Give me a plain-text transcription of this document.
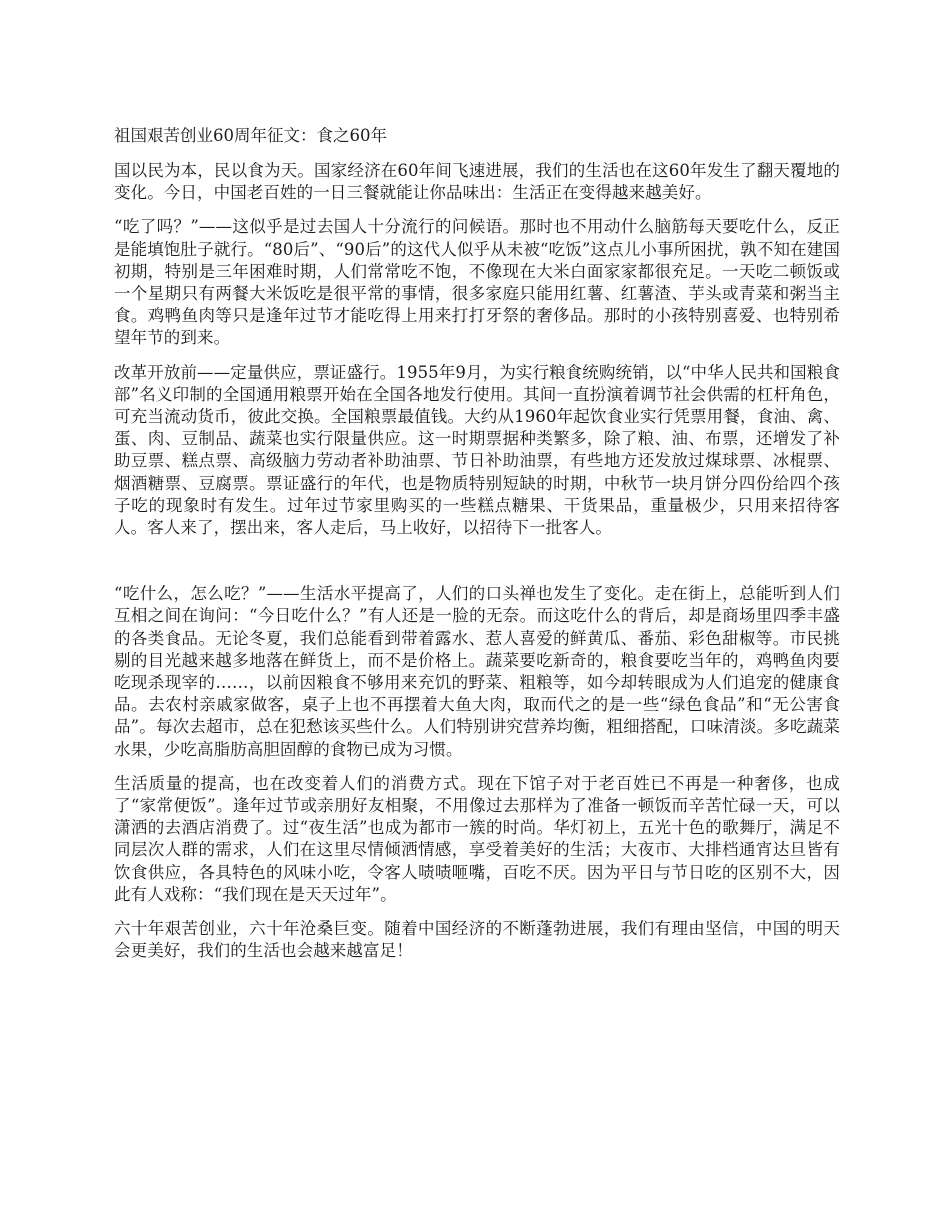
祖国艰苦创业60周年征文：食之60年

国以民为本，民以食为天。国家经济在60年间飞速进展，我们的生活也在这60年发生了翻天覆地的变化。今日，中国老百姓的一日三餐就能让你品味出：生活正在变得越来越美好。

“吃了吗？”——这似乎是过去国人十分流行的问候语。那时也不用动什么脑筋每天要吃什么，反正是能填饱肚子就行。“80后”、“90后”的这代人似乎从未被“吃饭”这点儿小事所困扰，孰不知在建国初期，特别是三年困难时期，人们常常吃不饱，不像现在大米白面家家都很充足。一天吃二顿饭或一个星期只有两餐大米饭吃是很平常的事情，很多家庭只能用红薯、红薯渣、芋头或青菜和粥当主食。鸡鸭鱼肉等只是逢年过节才能吃得上用来打打牙祭的奢侈品。那时的小孩特别喜爱、也特别希望年节的到来。

改革开放前——定量供应，票证盛行。1955年9月，为实行粮食统购统销，以“中华人民共和国粮食部”名义印制的全国通用粮票开始在全国各地发行使用。其间一直扮演着调节社会供需的杠杆角色，可充当流动货币，彼此交换。全国粮票最值钱。大约从1960年起饮食业实行凭票用餐，食油、禽、蛋、肉、豆制品、蔬菜也实行限量供应。这一时期票据种类繁多，除了粮、油、布票，还增发了补助豆票、糕点票、高级脑力劳动者补助油票、节日补助油票，有些地方还发放过煤球票、冰棍票、烟酒糖票、豆腐票。票证盛行的年代，也是物质特别短缺的时期，中秋节一块月饼分四份给四个孩子吃的现象时有发生。过年过节家里购买的一些糕点糖果、干货果品，重量极少，只用来招待客人。客人来了，摆出来，客人走后，马上收好，以招待下一批客人。

“吃什么，怎么吃？”——生活水平提高了，人们的口头禅也发生了变化。走在街上，总能听到人们互相之间在询问：“今日吃什么？”有人还是一脸的无奈。而这吃什么的背后，却是商场里四季丰盛的各类食品。无论冬夏，我们总能看到带着露水、惹人喜爱的鲜黄瓜、番茄、彩色甜椒等。市民挑剔的目光越来越多地落在鲜货上，而不是价格上。蔬菜要吃新奇的，粮食要吃当年的，鸡鸭鱼肉要吃现杀现宰的……，以前因粮食不够用来充饥的野菜、粗粮等，如今却转眼成为人们追宠的健康食品。去农村亲戚家做客，桌子上也不再摆着大鱼大肉，取而代之的是一些“绿色食品”和“无公害食品”。每次去超市，总在犯愁该买些什么。人们特别讲究营养均衡，粗细搭配，口味清淡。多吃蔬菜水果，少吃高脂肪高胆固醇的食物已成为习惯。

生活质量的提高，也在改变着人们的消费方式。现在下馆子对于老百姓已不再是一种奢侈，也成了“家常便饭”。逢年过节或亲朋好友相聚，不用像过去那样为了准备一顿饭而辛苦忙碌一天，可以潇洒的去酒店消费了。过“夜生活”也成为都市一簇的时尚。华灯初上，五光十色的歌舞厅，满足不同层次人群的需求，人们在这里尽情倾洒情感，享受着美好的生活；大夜市、大排档通宵达旦皆有饮食供应，各具特色的风味小吃，令客人啧啧咂嘴，百吃不厌。因为平日与节日吃的区别不大，因此有人戏称：“我们现在是天天过年”。

六十年艰苦创业，六十年沧桑巨变。随着中国经济的不断蓬勃进展，我们有理由坚信，中国的明天会更美好，我们的生活也会越来越富足！
